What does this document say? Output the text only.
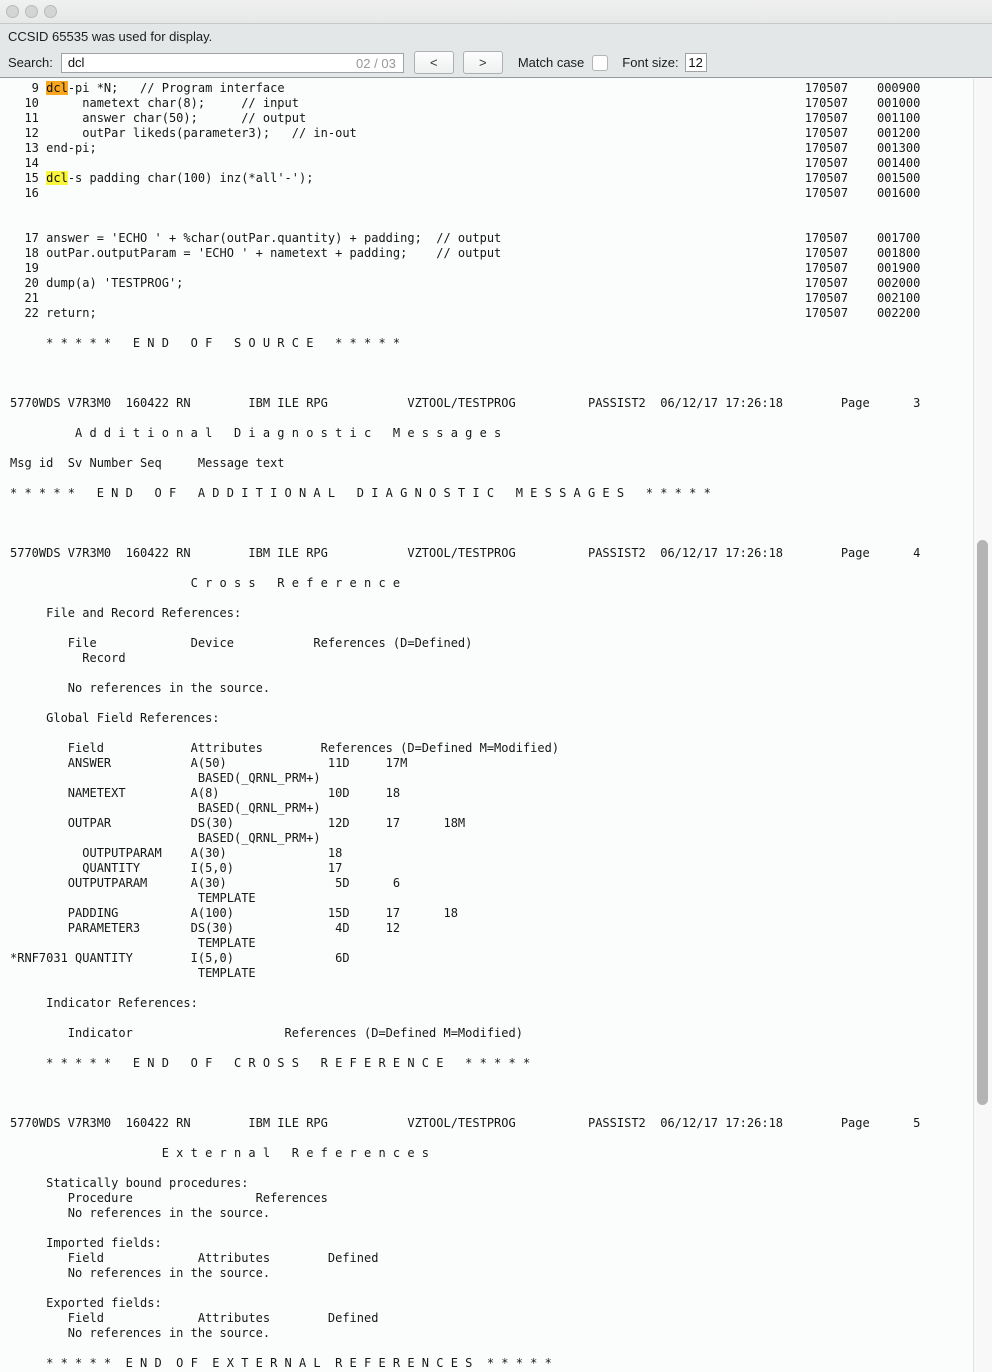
CCSID 65535 was used for display.
Search:
dcl	02 / 03	<	>	Match case	Font size:
12
9 dcl-pi *N;   // Program interface                                                                        170507    000900
10      nametext char(8);     // input                                                                      170507    001000
11      answer char(50);      // output                                                                     170507    001100
12      outPar likeds(parameter3);   // in-out                                                              170507    001200
13 end-pi;                                                                                                  170507    001300
14                                                                                                          170507    001400
15 dcl-s padding char(100) inz(*all'-');                                                                    170507    001500
16                                                                                                          170507    001600
17 answer = 'ECHO ' + %char(outPar.quantity) + padding;  // output                                          170507    001700
18 outPar.outputParam = 'ECHO ' + nametext + padding;    // output                                          170507    001800
19                                                                                                          170507    001900
20 dump(a) 'TESTPROG';                                                                                      170507    002000
21                                                                                                          170507    002100
22 return;                                                                                                  170507    002200
* * * * *   E N D   O F   S O U R C E   * * * * *
5770WDS V7R3M0  160422 RN        IBM ILE RPG           VZTOOL/TESTPROG          PASSIST2  06/12/17 17:26:18        Page      3
A d d i t i o n a l   D i a g n o s t i c   M e s s a g e s
Msg id  Sv Number Seq     Message text
* * * * *   E N D   O F   A D D I T I O N A L   D I A G N O S T I C   M E S S A G E S   * * * * *
5770WDS V7R3M0  160422 RN        IBM ILE RPG           VZTOOL/TESTPROG          PASSIST2  06/12/17 17:26:18        Page      4
C r o s s   R e f e r e n c e
File and Record References:
File             Device           References (D=Defined)
Record
No references in the source.
Global Field References:
Field            Attributes        References (D=Defined M=Modified)
ANSWER           A(50)              11D     17M
BASED(_QRNL_PRM+)
NAMETEXT         A(8)               10D     18
BASED(_QRNL_PRM+)
OUTPAR           DS(30)             12D     17      18M
BASED(_QRNL_PRM+)
OUTPUTPARAM    A(30)              18
QUANTITY       I(5,0)             17
OUTPUTPARAM      A(30)               5D      6
TEMPLATE
PADDING          A(100)             15D     17      18
PARAMETER3       DS(30)              4D     12
TEMPLATE
*RNF7031 QUANTITY        I(5,0)              6D
TEMPLATE
Indicator References:
Indicator                     References (D=Defined M=Modified)
* * * * *   E N D   O F   C R O S S   R E F E R E N C E   * * * * *
5770WDS V7R3M0  160422 RN        IBM ILE RPG           VZTOOL/TESTPROG          PASSIST2  06/12/17 17:26:18        Page      5
E x t e r n a l   R e f e r e n c e s
Statically bound procedures:
Procedure                 References
No references in the source.
Imported fields:
Field             Attributes        Defined
No references in the source.
Exported fields:
Field             Attributes        Defined
No references in the source.
* * * * *  E N D  O F  E X T E R N A L  R E F E R E N C E S  * * * * *
